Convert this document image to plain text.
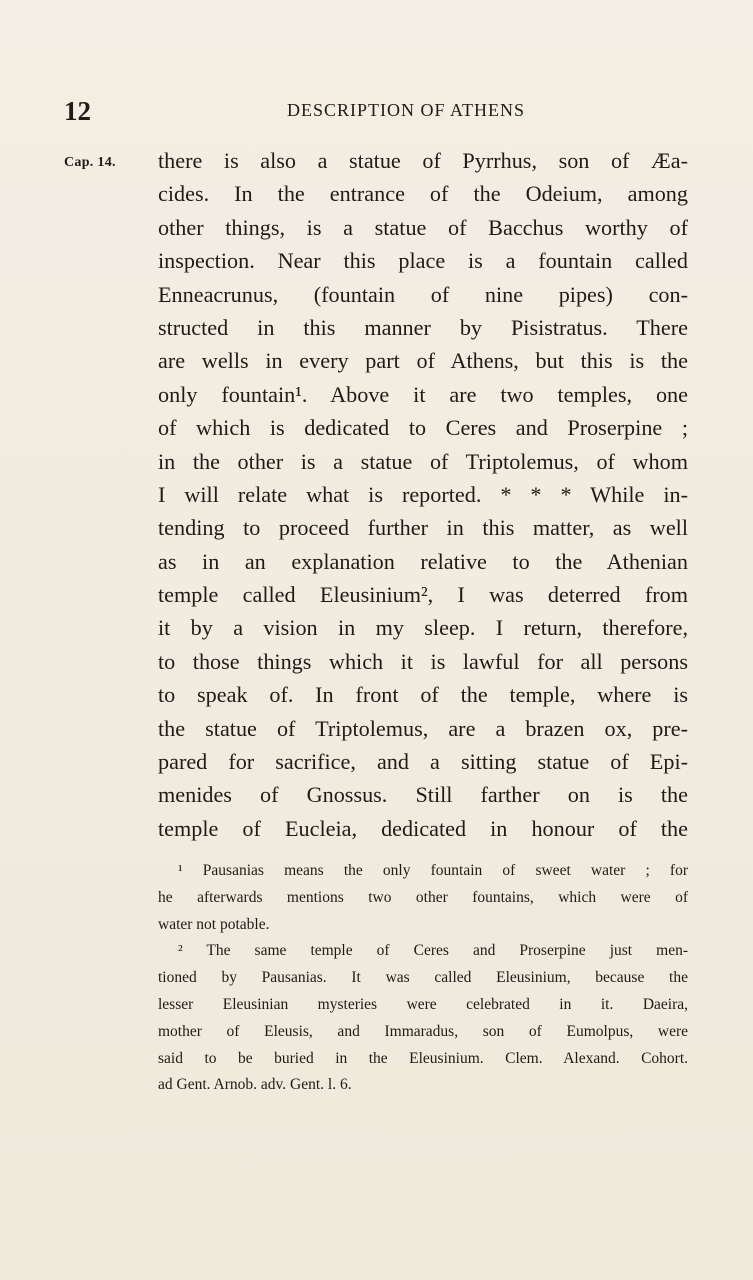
12	DESCRIPTION OF ATHENS
Cap. 14. there is also a statue of Pyrrhus, son of Æa-
cides. In the entrance of the Odeium, among
other things, is a statue of Bacchus worthy of
inspection. Near this place is a fountain called
Enneacrunus, (fountain of nine pipes) con-
structed in this manner by Pisistratus. There
are wells in every part of Athens, but this is the
only fountain¹. Above it are two temples, one
of which is dedicated to Ceres and Proserpine ;
in the other is a statue of Triptolemus, of whom
I will relate what is reported. * * * While in-
tending to proceed further in this matter, as well
as in an explanation relative to the Athenian
temple called Eleusinium², I was deterred from
it by a vision in my sleep. I return, therefore,
to those things which it is lawful for all persons
to speak of. In front of the temple, where is
the statue of Triptolemus, are a brazen ox, pre-
pared for sacrifice, and a sitting statue of Epi-
menides of Gnossus. Still farther on is the
temple of Eucleia, dedicated in honour of the
¹ Pausanias means the only fountain of sweet water ; for
he afterwards mentions two other fountains, which were of
water not potable.
² The same temple of Ceres and Proserpine just men-
tioned by Pausanias. It was called Eleusinium, because the
lesser Eleusinian mysteries were celebrated in it. Daeira,
mother of Eleusis, and Immaradus, son of Eumolpus, were
said to be buried in the Eleusinium. Clem. Alexand. Cohort.
ad Gent. Arnob. adv. Gent. l. 6.
